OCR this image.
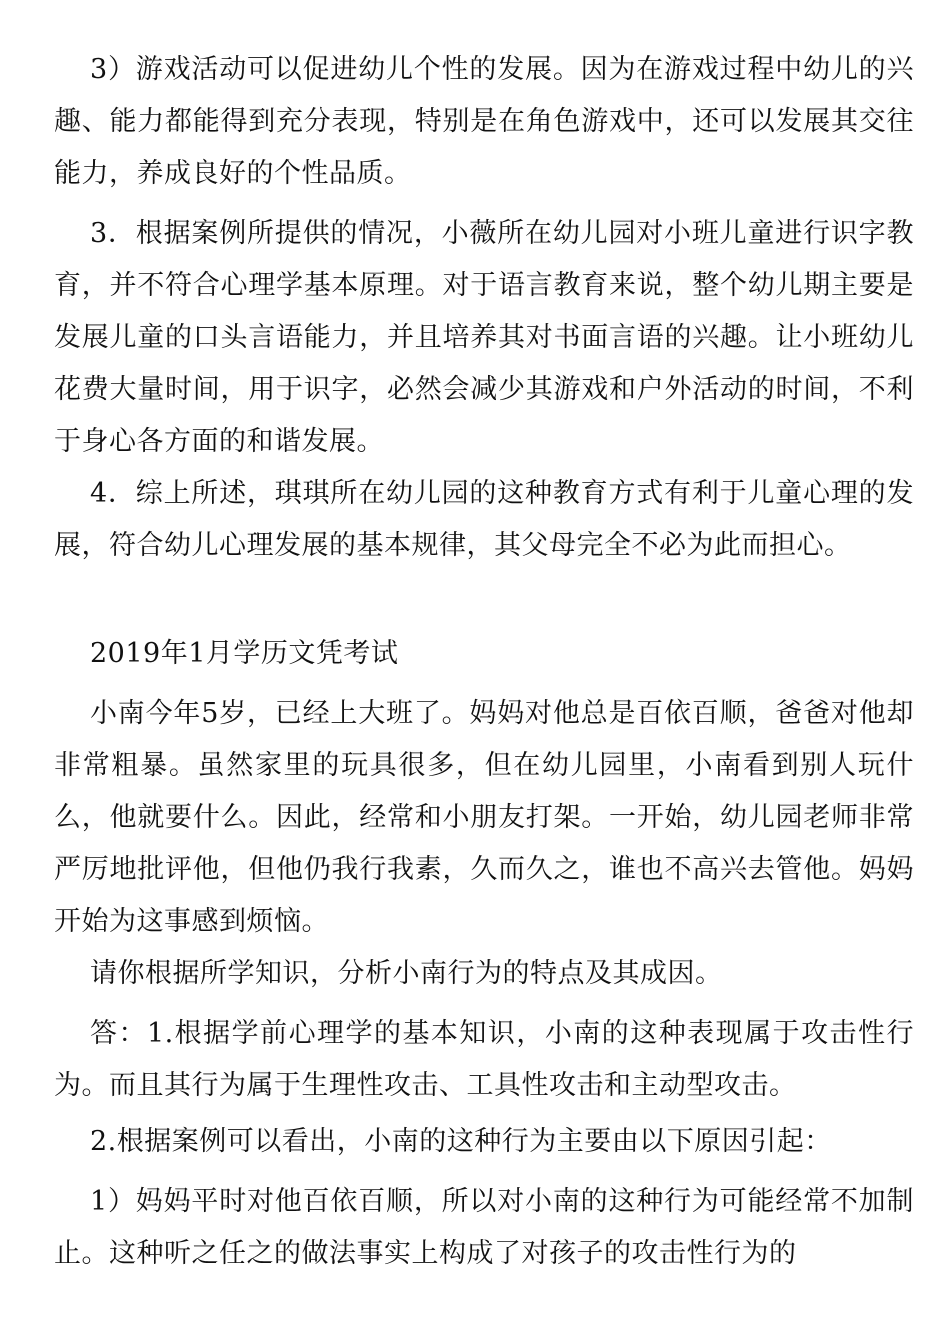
3）游戏活动可以促进幼儿个性的发展。因为在游戏过程中幼儿的兴趣、能力都能得到充分表现，特别是在角色游戏中，还可以发展其交往能力，养成良好的个性品质。

3．根据案例所提供的情况，小薇所在幼儿园对小班儿童进行识字教育，并不符合心理学基本原理。对于语言教育来说，整个幼儿期主要是发展儿童的口头言语能力，并且培养其对书面言语的兴趣。让小班幼儿花费大量时间，用于识字，必然会减少其游戏和户外活动的时间，不利于身心各方面的和谐发展。

4．综上所述，琪琪所在幼儿园的这种教育方式有利于儿童心理的发展，符合幼儿心理发展的基本规律，其父母完全不必为此而担心。

2019年1月学历文凭考试

小南今年5岁，已经上大班了。妈妈对他总是百依百顺，爸爸对他却非常粗暴。虽然家里的玩具很多，但在幼儿园里，小南看到别人玩什么，他就要什么。因此，经常和小朋友打架。一开始，幼儿园老师非常严厉地批评他，但他仍我行我素，久而久之，谁也不高兴去管他。妈妈开始为这事感到烦恼。

请你根据所学知识，分析小南行为的特点及其成因。

答：1.根据学前心理学的基本知识，小南的这种表现属于攻击性行为。而且其行为属于生理性攻击、工具性攻击和主动型攻击。

2.根据案例可以看出，小南的这种行为主要由以下原因引起：

1）妈妈平时对他百依百顺，所以对小南的这种行为可能经常不加制止。这种听之任之的做法事实上构成了对孩子的攻击性行为的
